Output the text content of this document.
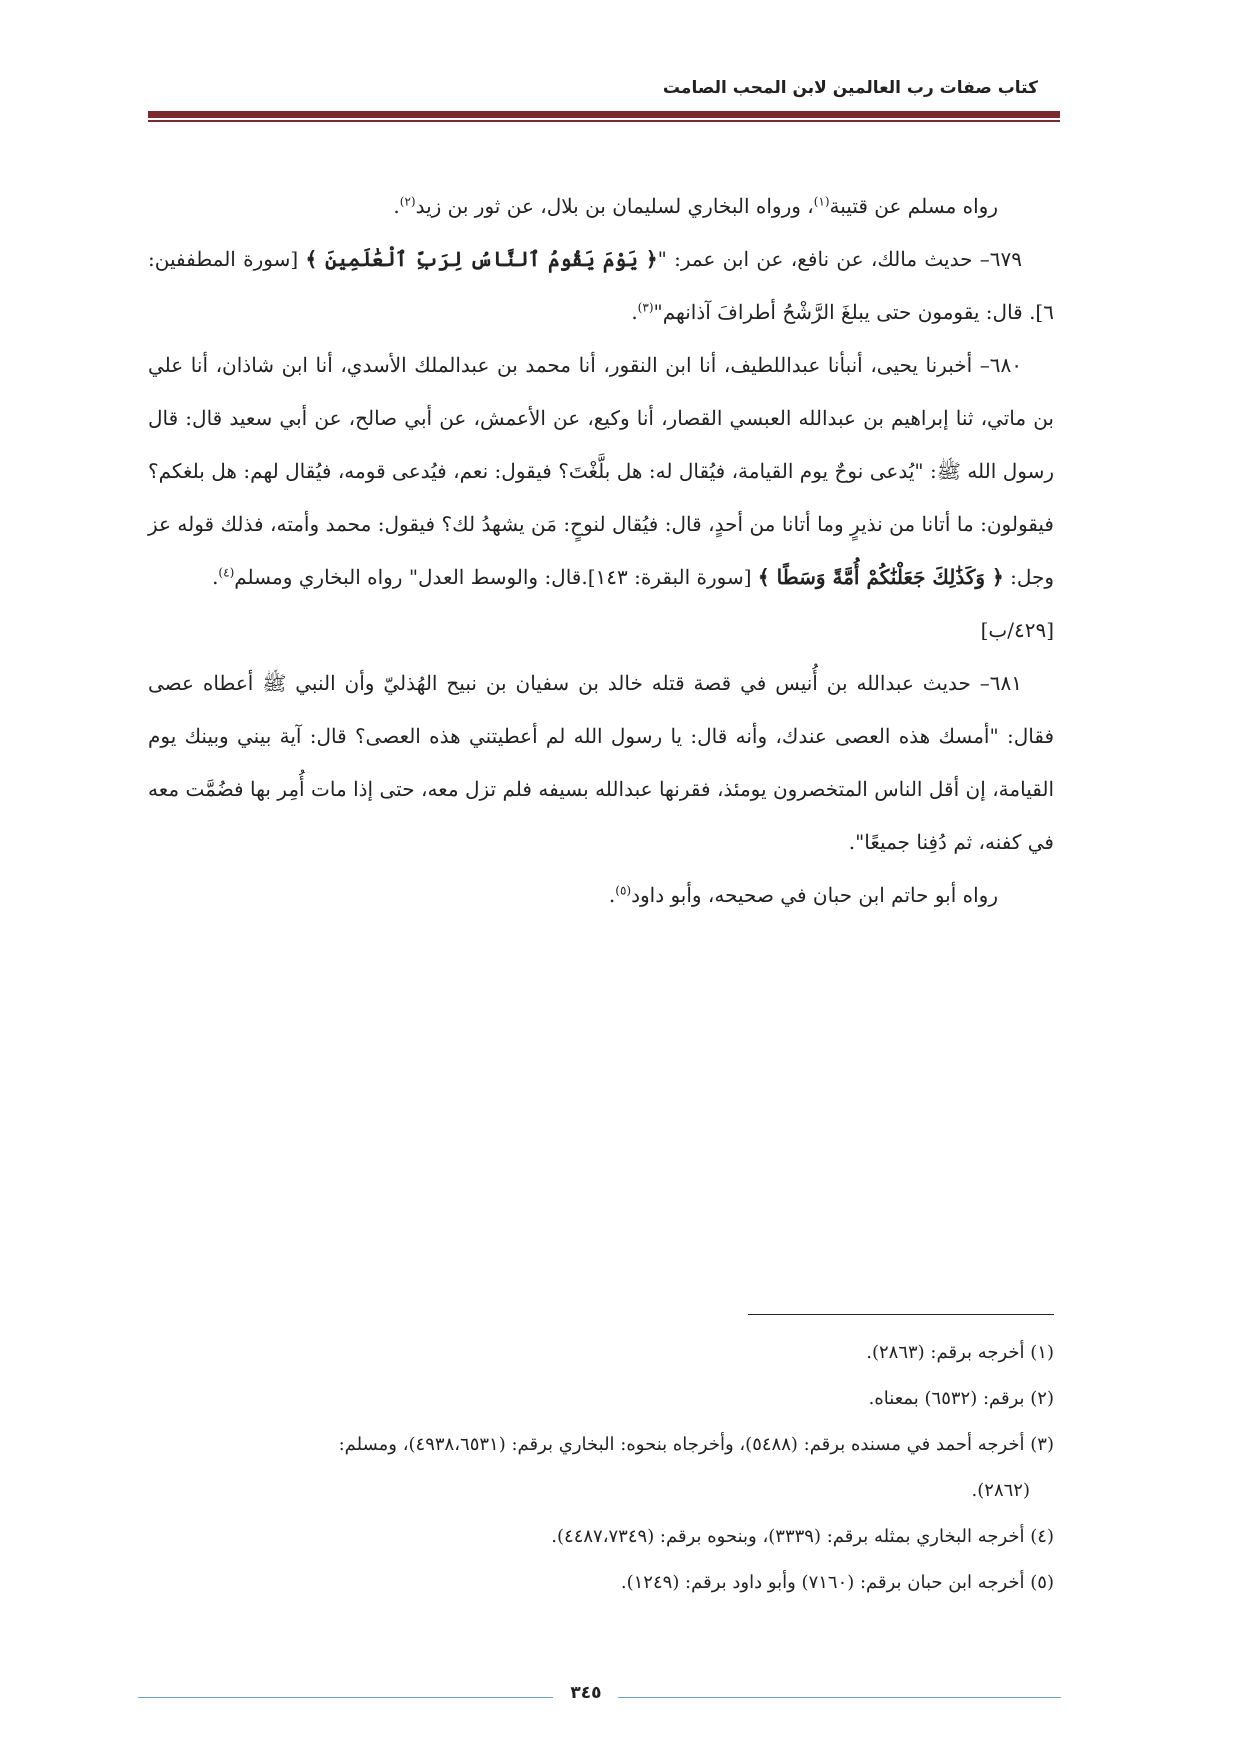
كتاب صفات رب العالمين لابن المحب الصامت

رواه مسلم عن قتيبة$^{(١)}$، ورواه البخاري لسليمان بن بلال، عن ثور بن زيد$^{(٢)}$.

٦٧٩– حديث مالك، عن نافع، عن ابن عمر: "﴿ يَوْمَ يَقُومُ ٱلنَّاسُ لِرَبِّ ٱلْعَٰلَمِينَ ﴾ [سورة المطففين: ٦]. قال: يقومون حتى يبلغَ الرَّشْحُ أطرافَ آذانهم"$^{(٣)}$.

٦٨٠– أخبرنا يحيى، أنبأنا عبداللطيف، أنا ابن النقور، أنا محمد بن عبدالملك الأسدي، أنا ابن شاذان، أنا علي بن ماتي، ثنا إبراهيم بن عبدالله العبسي القصار، أنا وكيع، عن الأعمش، عن أبي صالح، عن أبي سعيد قال: قال رسول الله ﷺ: "يُدعى نوحٌ يوم القيامة، فيُقال له: هل بلَّغْتَ؟ فيقول: نعم، فيُدعى قومه، فيُقال لهم: هل بلغكم؟ فيقولون: ما أتانا من نذيرٍ وما أتانا من أحدٍ، قال: فيُقال لنوحٍ: مَن يشهدُ لك؟ فيقول: محمد وأمته، فذلك قوله عز وجل: ﴿ وَكَذَٰلِكَ جَعَلْنَٰكُمْ أُمَّةً وَسَطًا ﴾ [سورة البقرة: ١٤٣].قال: والوسط العدل" رواه البخاري ومسلم$^{(٤)}$.

[٤٢٩/ب]

٦٨١– حديث عبدالله بن أُنيس في قصة قتله خالد بن سفيان بن نبيح الهُذليّ وأن النبي ﷺ أعطاه عصى فقال: "أمسك هذه العصى عندك، وأنه قال: يا رسول الله لم أعطيتني هذه العصى؟ قال: آية بيني وبينك يوم القيامة، إن أقل الناس المتخصرون يومئذ، فقرنها عبدالله بسيفه فلم تزل معه، حتى إذا مات أُمِر بها فضُمَّت معه في كفنه، ثم دُفِنا جميعًا".

رواه أبو حاتم ابن حبان في صحيحه، وأبو داود$^{(٥)}$.

(١) أخرجه برقم: (٢٨٦٣).

(٢) برقم: (٦٥٣٢) بمعناه.

(٣) أخرجه أحمد في مسنده برقم: (٥٤٨٨)، وأخرجاه بنحوه: البخاري برقم: (٤٩٣٨،٦٥٣١)، ومسلم:

(٢٨٦٢).

(٤) أخرجه البخاري بمثله برقم: (٣٣٣٩)، وبنحوه برقم: (٤٤٨٧،٧٣٤٩).

(٥) أخرجه ابن حبان برقم: (٧١٦٠) وأبو داود برقم: (١٢٤٩).

٣٤٥
